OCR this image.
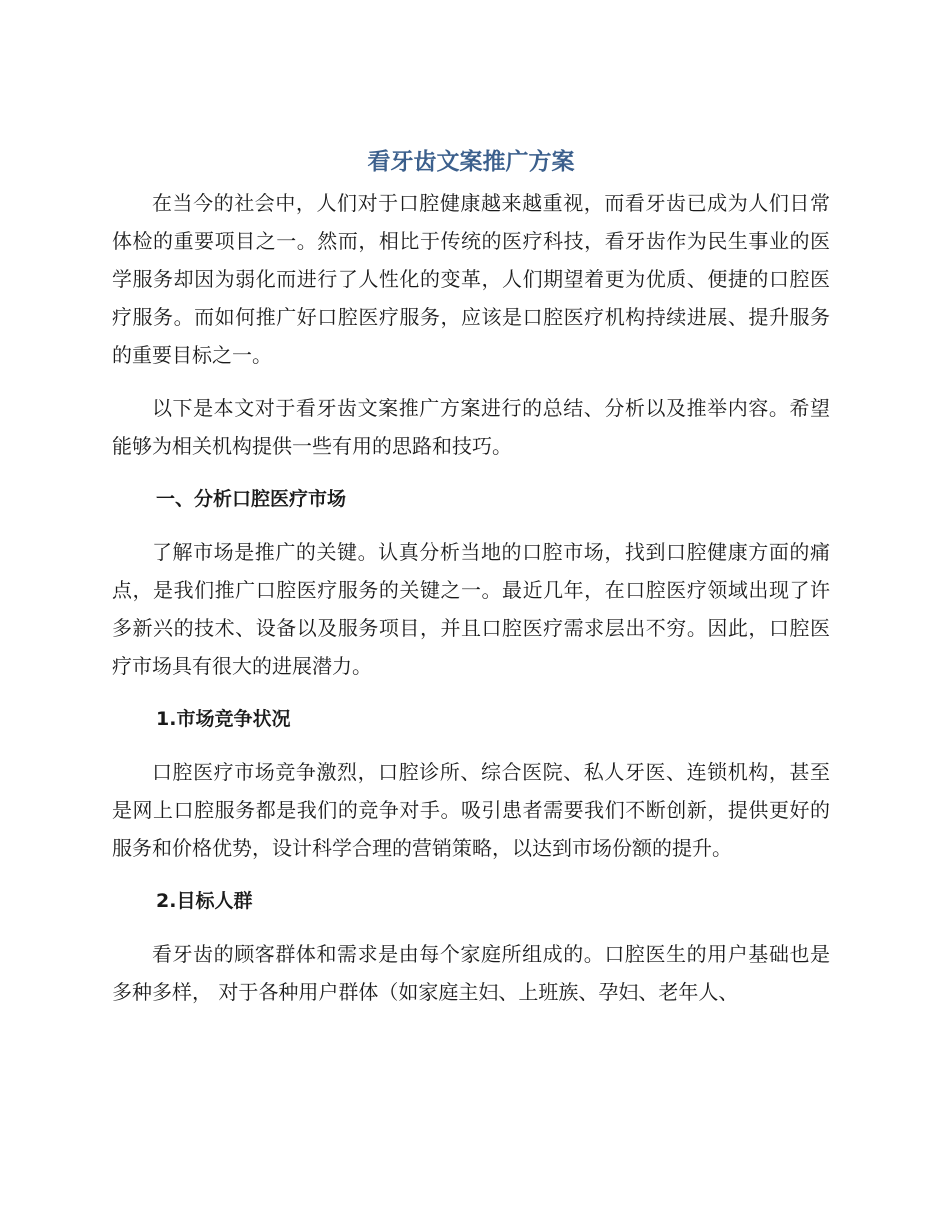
看牙齿文案推广方案

在当今的社会中，人们对于口腔健康越来越重视，而看牙齿已成为人们日常体检的重要项目之一。然而，相比于传统的医疗科技，看牙齿作为民生事业的医学服务却因为弱化而进行了人性化的变革，人们期望着更为优质、便捷的口腔医疗服务。而如何推广好口腔医疗服务，应该是口腔医疗机构持续进展、提升服务的重要目标之一。

以下是本文对于看牙齿文案推广方案进行的总结、分析以及推举内容。希望能够为相关机构提供一些有用的思路和技巧。

一、分析口腔医疗市场

了解市场是推广的关键。认真分析当地的口腔市场，找到口腔健康方面的痛点，是我们推广口腔医疗服务的关键之一。最近几年，在口腔医疗领域出现了许多新兴的技术、设备以及服务项目，并且口腔医疗需求层出不穷。因此，口腔医疗市场具有很大的进展潜力。

1.市场竞争状况

口腔医疗市场竞争激烈，口腔诊所、综合医院、私人牙医、连锁机构，甚至是网上口腔服务都是我们的竞争对手。吸引患者需要我们不断创新，提供更好的服务和价格优势，设计科学合理的营销策略，以达到市场份额的提升。

2.目标人群

看牙齿的顾客群体和需求是由每个家庭所组成的。口腔医生的用户基础也是多种多样， 对于各种用户群体（如家庭主妇、上班族、孕妇、老年人、
